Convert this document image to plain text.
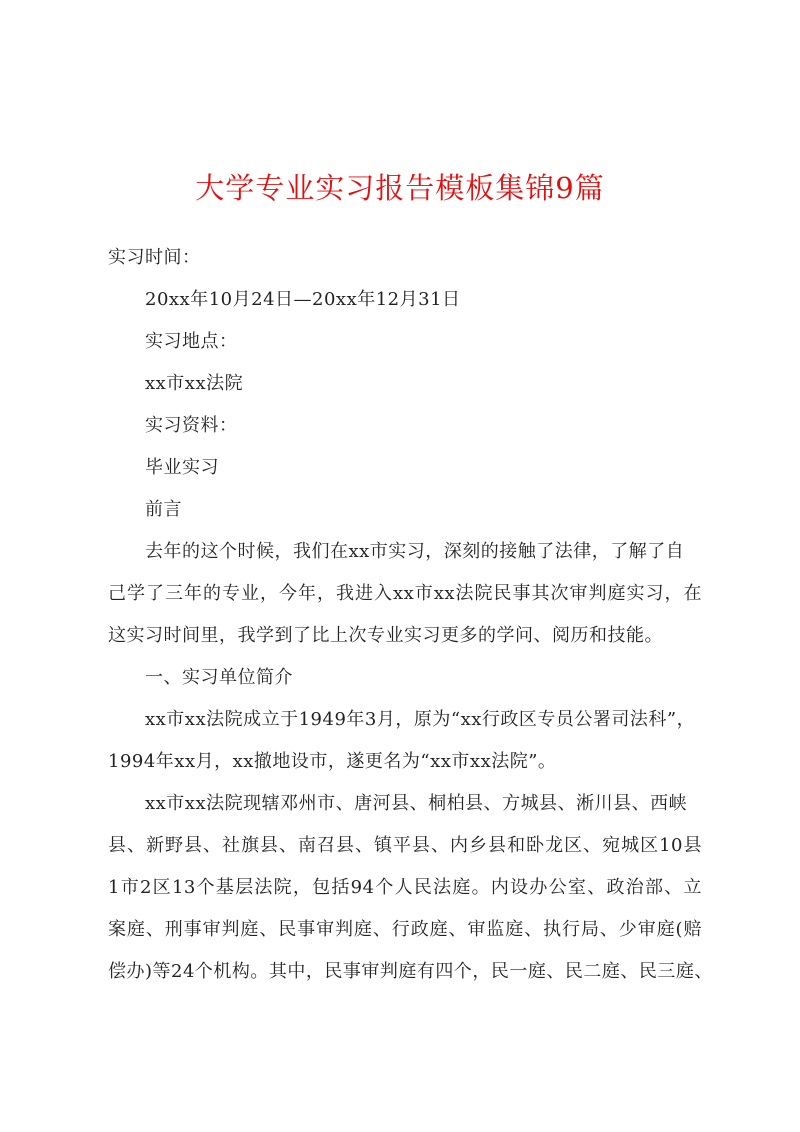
大学专业实习报告模板集锦9篇
实习时间：
20xx年10月24日—20xx年12月31日
实习地点：
xx市xx法院
实习资料：
毕业实习
前言
去年的这个时候，我们在xx市实习，深刻的接触了法律，了解了自
己学了三年的专业，今年，我进入xx市xx法院民事其次审判庭实习，在
这实习时间里，我学到了比上次专业实习更多的学问、阅历和技能。
一、实习单位简介
xx市xx法院成立于1949年3月，原为“xx行政区专员公署司法科”，
1994年xx月，xx撤地设市，遂更名为“xx市xx法院”。
xx市xx法院现辖邓州市、唐河县、桐柏县、方城县、淅川县、西峡
县、新野县、社旗县、南召县、镇平县、内乡县和卧龙区、宛城区10县
1市2区13个基层法院，包括94个人民法庭。内设办公室、政治部、立
案庭、刑事审判庭、民事审判庭、行政庭、审监庭、执行局、少审庭(赔
偿办)等24个机构。其中，民事审判庭有四个，民一庭、民二庭、民三庭、
